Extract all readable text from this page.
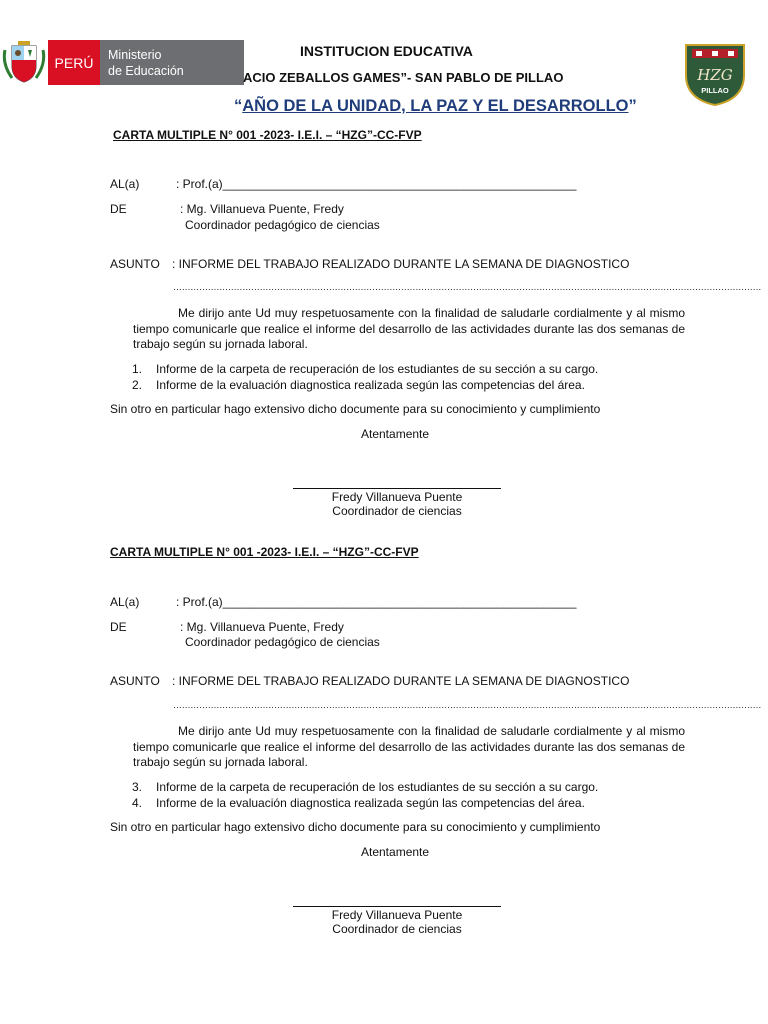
PERÚ Ministerio
de Educación
INSTITUCION EDUCATIVA
ACIO ZEBALLOS GAMES”- SAN PABLO DE PILLAO
“AÑO DE LA UNIDAD, LA PAZ Y EL DESARROLLO”
HZG
PILLAO
CARTA MULTIPLE N° 001 -2023- I.E.I. – “HZG”-CC-FVP
AL(a)	: Prof.(a)_____________________________________________________
DE	: Mg. Villanueva Puente, Fredy
Coordinador pedagógico de ciencias
ASUNTO : INFORME DEL TRABAJO REALIZADO DURANTE LA SEMANA DE DIAGNOSTICO
……………………………………………………………………………………………………………………………………………………………………………………
Me dirijo ante Ud muy respetuosamente con la finalidad de saludarle cordialmente y al mismo tiempo comunicarle que realice el informe del desarrollo de las actividades durante las dos semanas de trabajo según su jornada laboral.
1. Informe de la carpeta de recuperación de los estudiantes de su sección a su cargo.
2. Informe de la evaluación diagnostica realizada según las competencias del área.
Sin otro en particular hago extensivo dicho documente para su conocimiento y cumplimiento
Atentamente
Fredy Villanueva Puente
Coordinador de ciencias
CARTA MULTIPLE N° 001 -2023- I.E.I. – “HZG”-CC-FVP
AL(a)	: Prof.(a)_____________________________________________________
DE	: Mg. Villanueva Puente, Fredy
Coordinador pedagógico de ciencias
ASUNTO : INFORME DEL TRABAJO REALIZADO DURANTE LA SEMANA DE DIAGNOSTICO
……………………………………………………………………………………………………………………………………………………………………………………
Me dirijo ante Ud muy respetuosamente con la finalidad de saludarle cordialmente y al mismo tiempo comunicarle que realice el informe del desarrollo de las actividades durante las dos semanas de trabajo según su jornada laboral.
3. Informe de la carpeta de recuperación de los estudiantes de su sección a su cargo.
4. Informe de la evaluación diagnostica realizada según las competencias del área.
Sin otro en particular hago extensivo dicho documente para su conocimiento y cumplimiento
Atentamente
Fredy Villanueva Puente
Coordinador de ciencias
